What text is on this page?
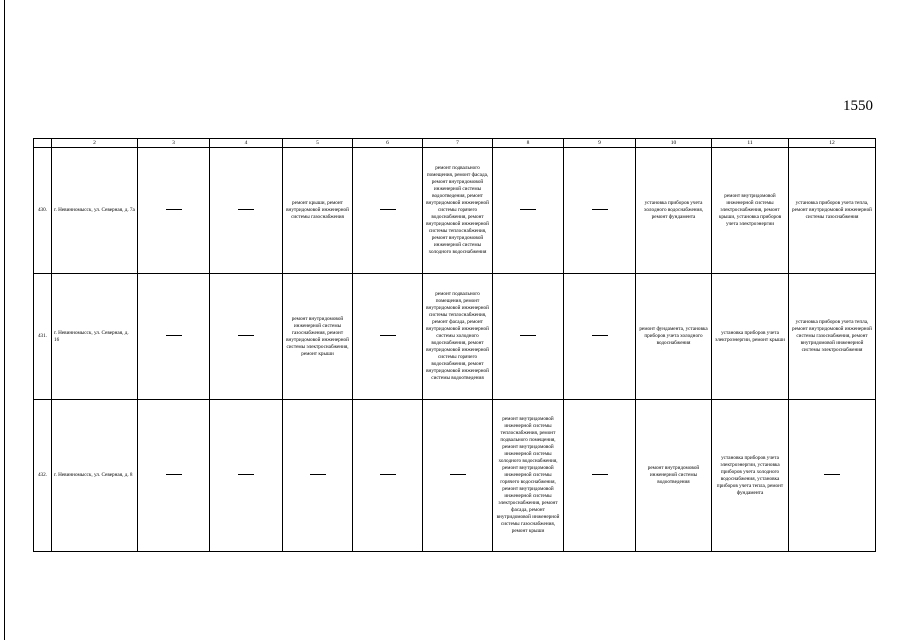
1550
	2	3	4	5	6	7	8	9	10	11	12
430.	г. Невинномысск, ул. Северная, д. 7а			ремонт крыши, ремонт внутридомовой инженерной системы газоснабжения		ремонт подвального помещения, ремонт фасада, ремонт внутридомовой инженерной системы водоотведения, ремонт внутридомовой инженерной системы горячего водоснабжения, ремонт внутридомовой инженерной системы теплоснабжения, ремонт внутридомовой инженерной системы холодного водоснабжения			установка приборов учета холодного водоснабжения, ремонт фундамента	ремонт внутридомовой инженерной системы электроснабжения, ремонт крыши, установка приборов учета электроэнергии	установка приборов учета тепла, ремонт внутридомовой инженерной системы газоснабжения
431.	г. Невинномысск, ул. Северная, д. 16			ремонт внутридомовой инженерной системы газоснабжения, ремонт внутридомовой инженерной системы электроснабжения, ремонт крыши		ремонт подвального помещения, ремонт внутридомовой инженерной системы теплоснабжения, ремонт фасада, ремонт внутридомовой инженерной системы холодного водоснабжения, ремонт внутридомовой инженерной системы горячего водоснабжения, ремонт внутридомовой инженерной системы водоотведения			ремонт фундамента, установка приборов учета холодного водоснабжения	установка приборов учета электроэнергии, ремонт крыши	установка приборов учета тепла, ремонт внутридомовой инженерной системы газоснабжения, ремонт внутридомовой инженерной системы электроснабжения
432.	г. Невинномысск, ул. Северная, д. 8						ремонт внутридомовой инженерной системы теплоснабжения, ремонт подвального помещения, ремонт внутридомовой инженерной системы холодного водоснабжения, ремонт внутридомовой инженерной системы горячего водоснабжения, ремонт внутридомовой инженерной системы электроснабжения, ремонт фасада, ремонт внутридомовой инженерной системы газоснабжения, ремонт крыши		ремонт внутридомовой инженерной системы водоотведения	установка приборов учета электроэнергии, установка приборов учета холодного водоснабжения, установка приборов учета тепла, ремонт фундамента	
